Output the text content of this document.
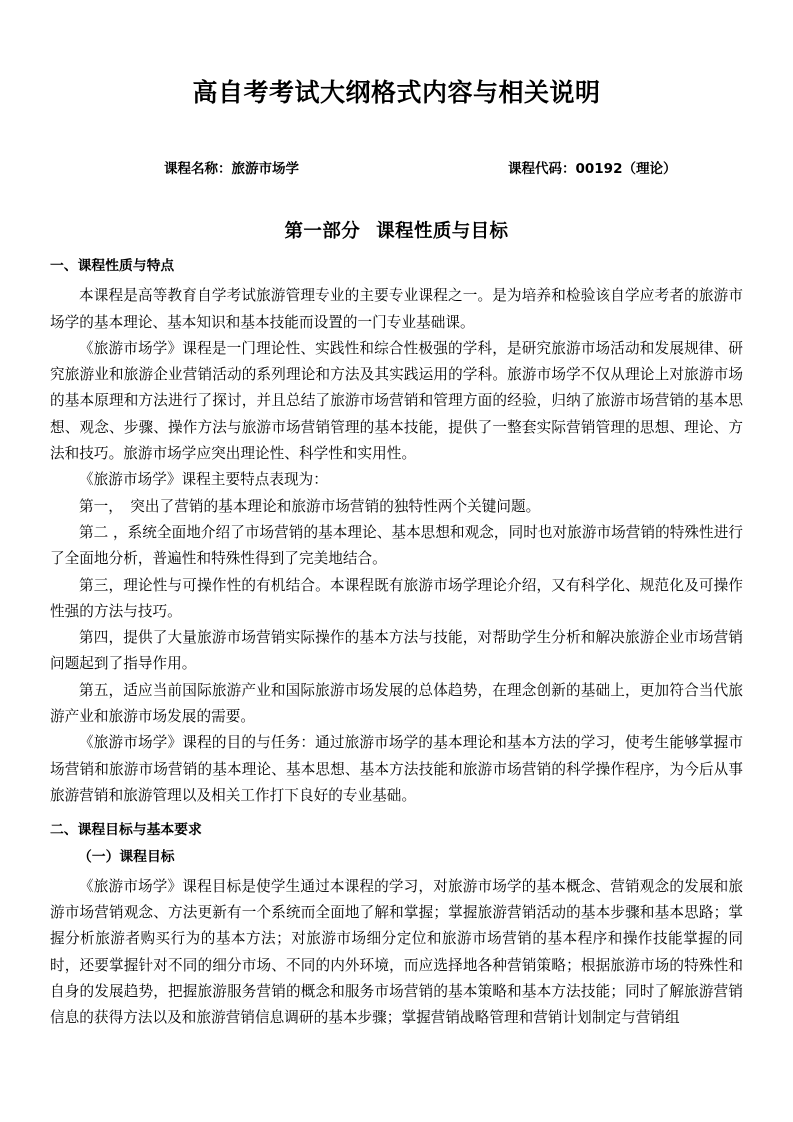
高自考考试大纲格式内容与相关说明
课程名称：旅游市场学	课程代码：00192（理论）
第一部分 课程性质与目标
一、课程性质与特点

本课程是高等教育自学考试旅游管理专业的主要专业课程之一。是为培养和检验该自学应考者的旅游市场学的基本理论、基本知识和基本技能而设置的一门专业基础课。

《旅游市场学》课程是一门理论性、实践性和综合性极强的学科，是研究旅游市场活动和发展规律、研究旅游业和旅游企业营销活动的系列理论和方法及其实践运用的学科。旅游市场学不仅从理论上对旅游市场的基本原理和方法进行了探讨，并且总结了旅游市场营销和管理方面的经验，归纳了旅游市场营销的基本思想、观念、步骤、操作方法与旅游市场营销管理的基本技能，提供了一整套实际营销管理的思想、理论、方法和技巧。旅游市场学应突出理论性、科学性和实用性。

《旅游市场学》课程主要特点表现为：

第一，　突出了营销的基本理论和旅游市场营销的独特性两个关键问题。

第二 ，系统全面地介绍了市场营销的基本理论、基本思想和观念，同时也对旅游市场营销的特殊性进行了全面地分析，普遍性和特殊性得到了完美地结合。

第三，理论性与可操作性的有机结合。本课程既有旅游市场学理论介绍，又有科学化、规范化及可操作性强的方法与技巧。

第四，提供了大量旅游市场营销实际操作的基本方法与技能，对帮助学生分析和解决旅游企业市场营销问题起到了指导作用。

第五，适应当前国际旅游产业和国际旅游市场发展的总体趋势，在理念创新的基础上，更加符合当代旅游产业和旅游市场发展的需要。

《旅游市场学》课程的目的与任务：通过旅游市场学的基本理论和基本方法的学习，使考生能够掌握市场营销和旅游市场营销的基本理论、基本思想、基本方法技能和旅游市场营销的科学操作程序，为今后从事旅游营销和旅游管理以及相关工作打下良好的专业基础。

二、课程目标与基本要求
（一）课程目标

《旅游市场学》课程目标是使学生通过本课程的学习，对旅游市场学的基本概念、营销观念的发展和旅游市场营销观念、方法更新有一个系统而全面地了解和掌握；掌握旅游营销活动的基本步骤和基本思路；掌握分析旅游者购买行为的基本方法；对旅游市场细分定位和旅游市场营销的基本程序和操作技能掌握的同时，还要掌握针对不同的细分市场、不同的内外环境，而应选择地各种营销策略；根据旅游市场的特殊性和自身的发展趋势，把握旅游服务营销的概念和服务市场营销的基本策略和基本方法技能；同时了解旅游营销信息的获得方法以及和旅游营销信息调研的基本步骤；掌握营销战略管理和营销计划制定与营销组
